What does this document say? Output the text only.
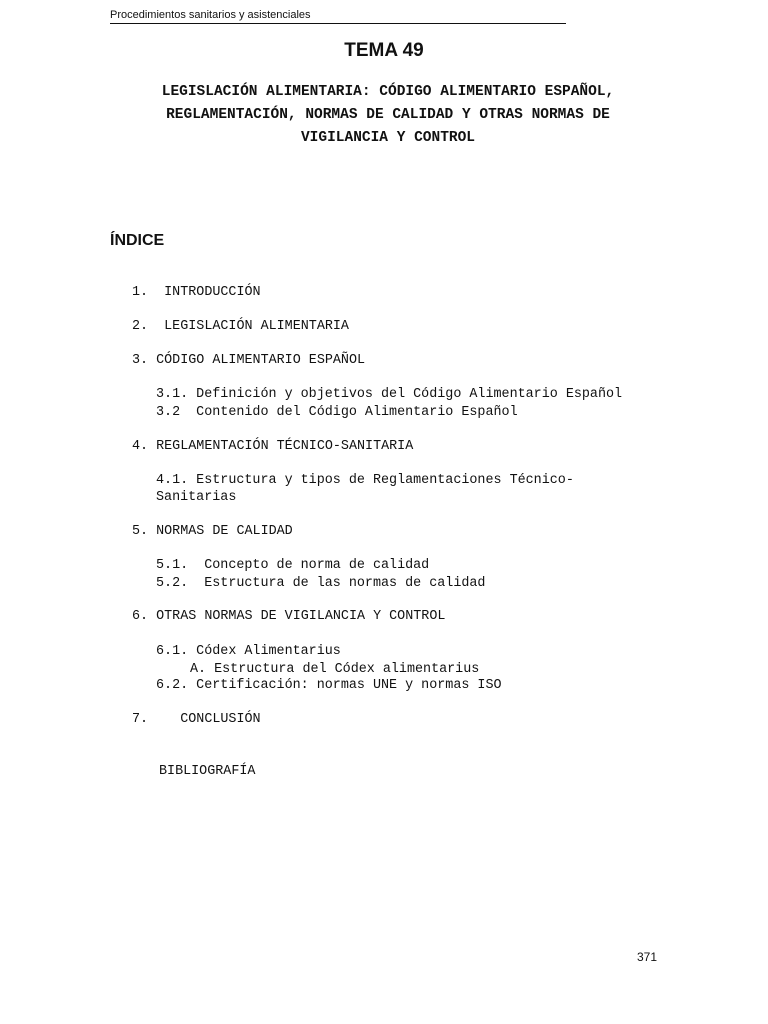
Procedimientos sanitarios y asistenciales
TEMA 49
LEGISLACIÓN ALIMENTARIA: CÓDIGO ALIMENTARIO ESPAÑOL,
REGLAMENTACIÓN, NORMAS DE CALIDAD Y OTRAS NORMAS DE
VIGILANCIA Y CONTROL
ÍNDICE
1.  INTRODUCCIÓN
2.  LEGISLACIÓN ALIMENTARIA
3. CÓDIGO ALIMENTARIO ESPAÑOL
3.1. Definición y objetivos del Código Alimentario Español
3.2  Contenido del Código Alimentario Español
4. REGLAMENTACIÓN TÉCNICO-SANITARIA
4.1. Estructura y tipos de Reglamentaciones Técnico-
Sanitarias
5. NORMAS DE CALIDAD
5.1.  Concepto de norma de calidad
5.2.  Estructura de las normas de calidad
6. OTRAS NORMAS DE VIGILANCIA Y CONTROL
6.1. Códex Alimentarius
A. Estructura del Códex alimentarius
6.2. Certificación: normas UNE y normas ISO
7.    CONCLUSIÓN
BIBLIOGRAFÍA
371
